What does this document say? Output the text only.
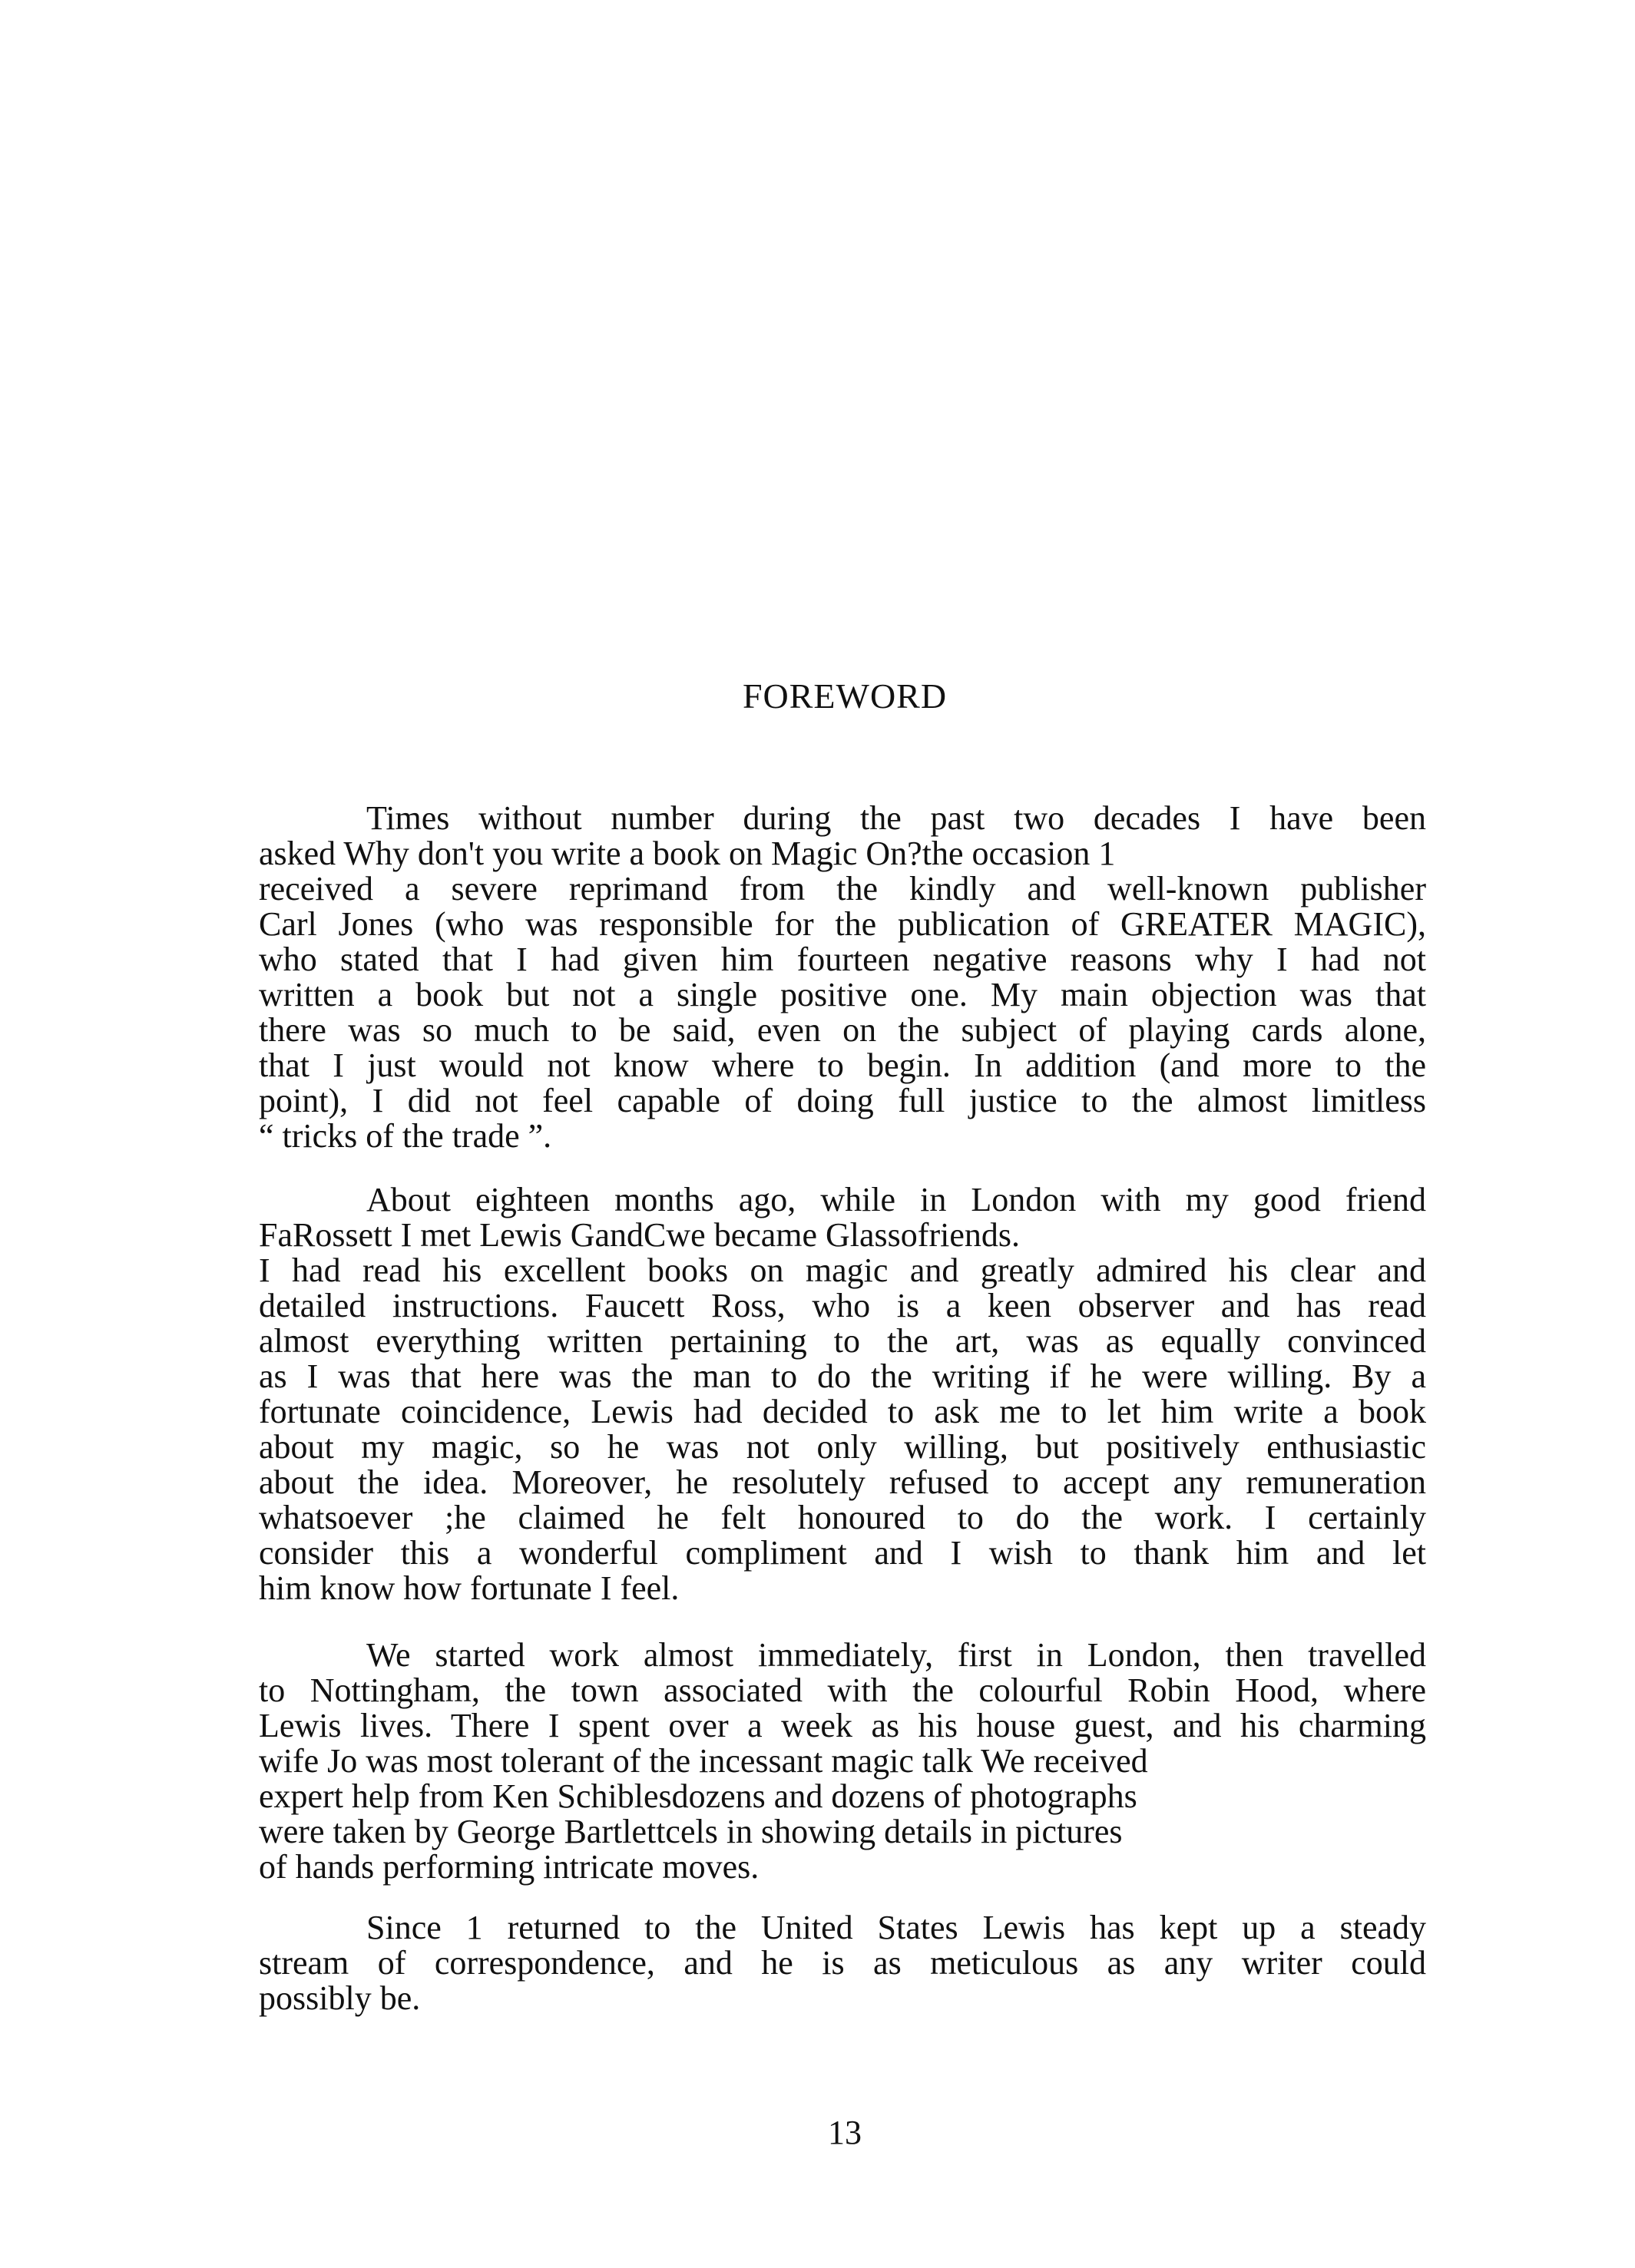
FOREWORD
Times without number during the past two decades I have been
asked Why don't you write a book on Magic On?the occasion 1
received a severe reprimand from the kindly and well-known publisher
Carl Jones (who was responsible for the publication of GREATER MAGIC),
who stated that I had given him fourteen negative reasons why I had not
written a book but not a single positive one. My main objection was that
there was so much to be said, even on the subject of playing cards alone,
that I just would not know where to begin. In addition (and more to the
point), I did not feel capable of doing full justice to the almost limitless
“ tricks of the trade ”.
About eighteen months ago, while in London with my good friend
FaRossett I met Lewis GandCwe became Glassofriends.
I had read his excellent books on magic and greatly admired his clear and
detailed instructions. Faucett Ross, who is a keen observer and has read
almost everything written pertaining to the art, was as equally convinced
as I was that here was the man to do the writing if he were willing. By a
fortunate coincidence, Lewis had decided to ask me to let him write a book
about my magic, so he was not only willing, but positively enthusiastic
about the idea. Moreover, he resolutely refused to accept any remuneration
whatsoever ;he claimed he felt honoured to do the work. I certainly
consider this a wonderful compliment and I wish to thank him and let
him know how fortunate I feel.
We started work almost immediately, first in London, then travelled
to Nottingham, the town associated with the colourful Robin Hood, where
Lewis lives. There I spent over a week as his house guest, and his charming
wife Jo was most tolerant of the incessant magic talk We received
expert help from Ken Schiblesdozens and dozens of photographs
were taken by George Bartlettcels in showing details in pictures
of hands performing intricate moves.
Since 1 returned to the United States Lewis has kept up a steady
stream of correspondence, and he is as meticulous as any writer could
possibly be.

13
